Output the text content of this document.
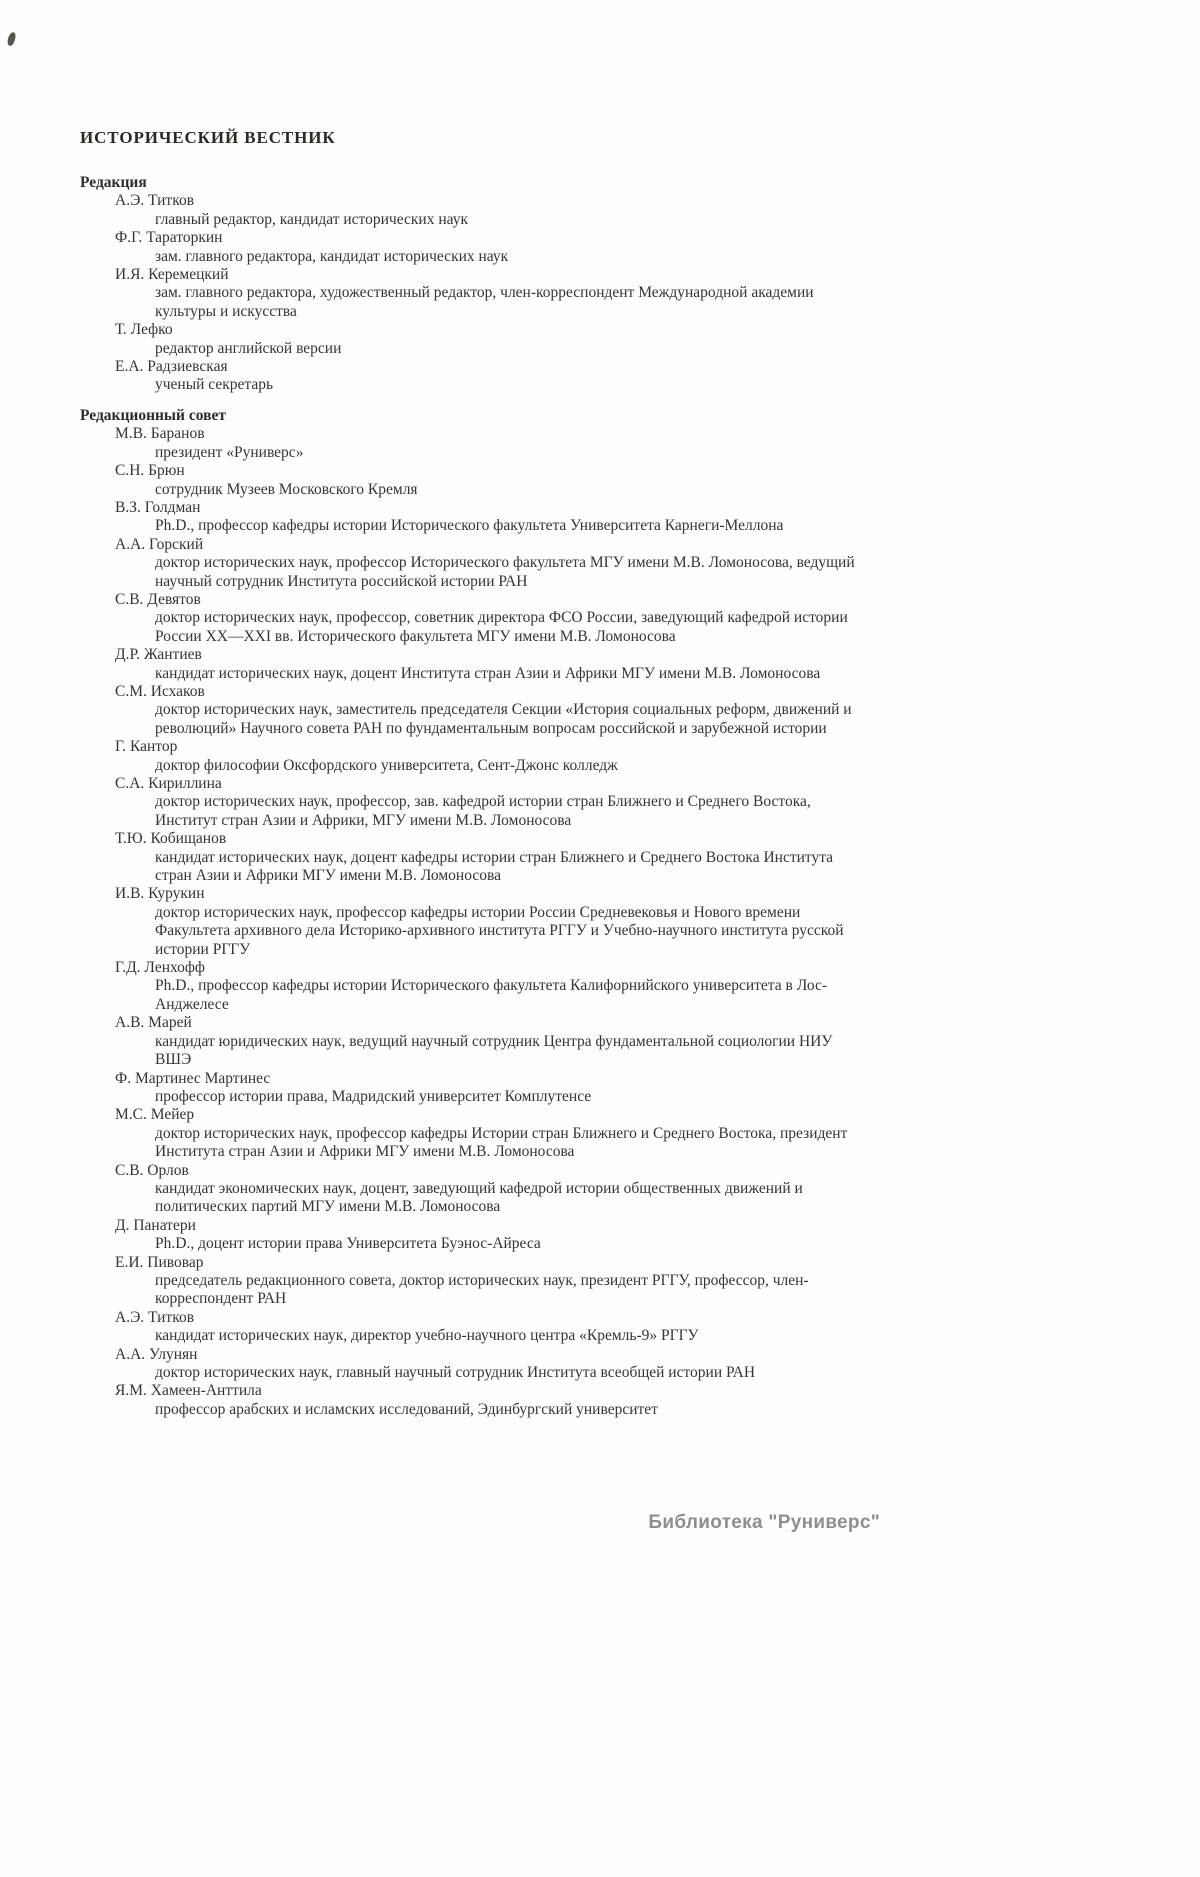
ИСТОРИЧЕСКИЙ ВЕСТНИК
Редакция
А.Э. Титков
главный редактор, кандидат исторических наук
Ф.Г. Тараторкин
зам. главного редактора, кандидат исторических наук
И.Я. Керемецкий
зам. главного редактора, художественный редактор, член-корреспондент Международной академии культуры и искусства
Т. Лефко
редактор английской версии
Е.А. Радзиевская
ученый секретарь
Редакционный совет
М.В. Баранов
президент «Руниверс»
С.Н. Брюн
сотрудник Музеев Московского Кремля
В.З. Голдман
Ph.D., профессор кафедры истории Исторического факультета Университета Карнеги-Меллона
А.А. Горский
доктор исторических наук, профессор Исторического факультета МГУ имени М.В. Ломоносова, ведущий научный сотрудник Института российской истории РАН
С.В. Девятов
доктор исторических наук, профессор, советник директора ФСО России, заведующий кафедрой истории России XX—XXI вв. Исторического факультета МГУ имени М.В. Ломоносова
Д.Р. Жантиев
кандидат исторических наук, доцент Института стран Азии и Африки МГУ имени М.В. Ломоносова
С.М. Исхаков
доктор исторических наук, заместитель председателя Секции «История социальных реформ, движений и революций» Научного совета РАН по фундаментальным вопросам российской и зарубежной истории
Г. Кантор
доктор философии Оксфордского университета, Сент-Джонс колледж
С.А. Кириллина
доктор исторических наук, профессор, зав. кафедрой истории стран Ближнего и Среднего Востока, Институт стран Азии и Африки, МГУ имени М.В. Ломоносова
Т.Ю. Кобищанов
кандидат исторических наук, доцент кафедры истории стран Ближнего и Среднего Востока Института стран Азии и Африки МГУ имени М.В. Ломоносова
И.В. Курукин
доктор исторических наук, профессор кафедры истории России Средневековья и Нового времени Факультета архивного дела Историко-архивного института РГГУ и Учебно-научного института русской истории РГГУ
Г.Д. Ленхофф
Ph.D., профессор кафедры истории Исторического факультета Калифорнийского университета в Лос-Анджелесе
А.В. Марей
кандидат юридических наук, ведущий научный сотрудник Центра фундаментальной социологии НИУ ВШЭ
Ф. Мартинес Мартинес
профессор истории права, Мадридский университет Комплутенсе
М.С. Мейер
доктор исторических наук, профессор кафедры Истории стран Ближнего и Среднего Востока, президент Института стран Азии и Африки МГУ имени М.В. Ломоносова
С.В. Орлов
кандидат экономических наук, доцент, заведующий кафедрой истории общественных движений и политических партий МГУ имени М.В. Ломоносова
Д. Панатери
Ph.D., доцент истории права Университета Буэнос-Айреса
Е.И. Пивовар
председатель редакционного совета, доктор исторических наук, президент РГГУ, профессор, член-корреспондент РАН
А.Э. Титков
кандидат исторических наук, директор учебно-научного центра «Кремль-9» РГГУ
А.А. Улунян
доктор исторических наук, главный научный сотрудник Института всеобщей истории РАН
Я.М. Хамеен-Анттила
профессор арабских и исламских исследований, Эдинбургский университет
Библиотека "Руниверс"
